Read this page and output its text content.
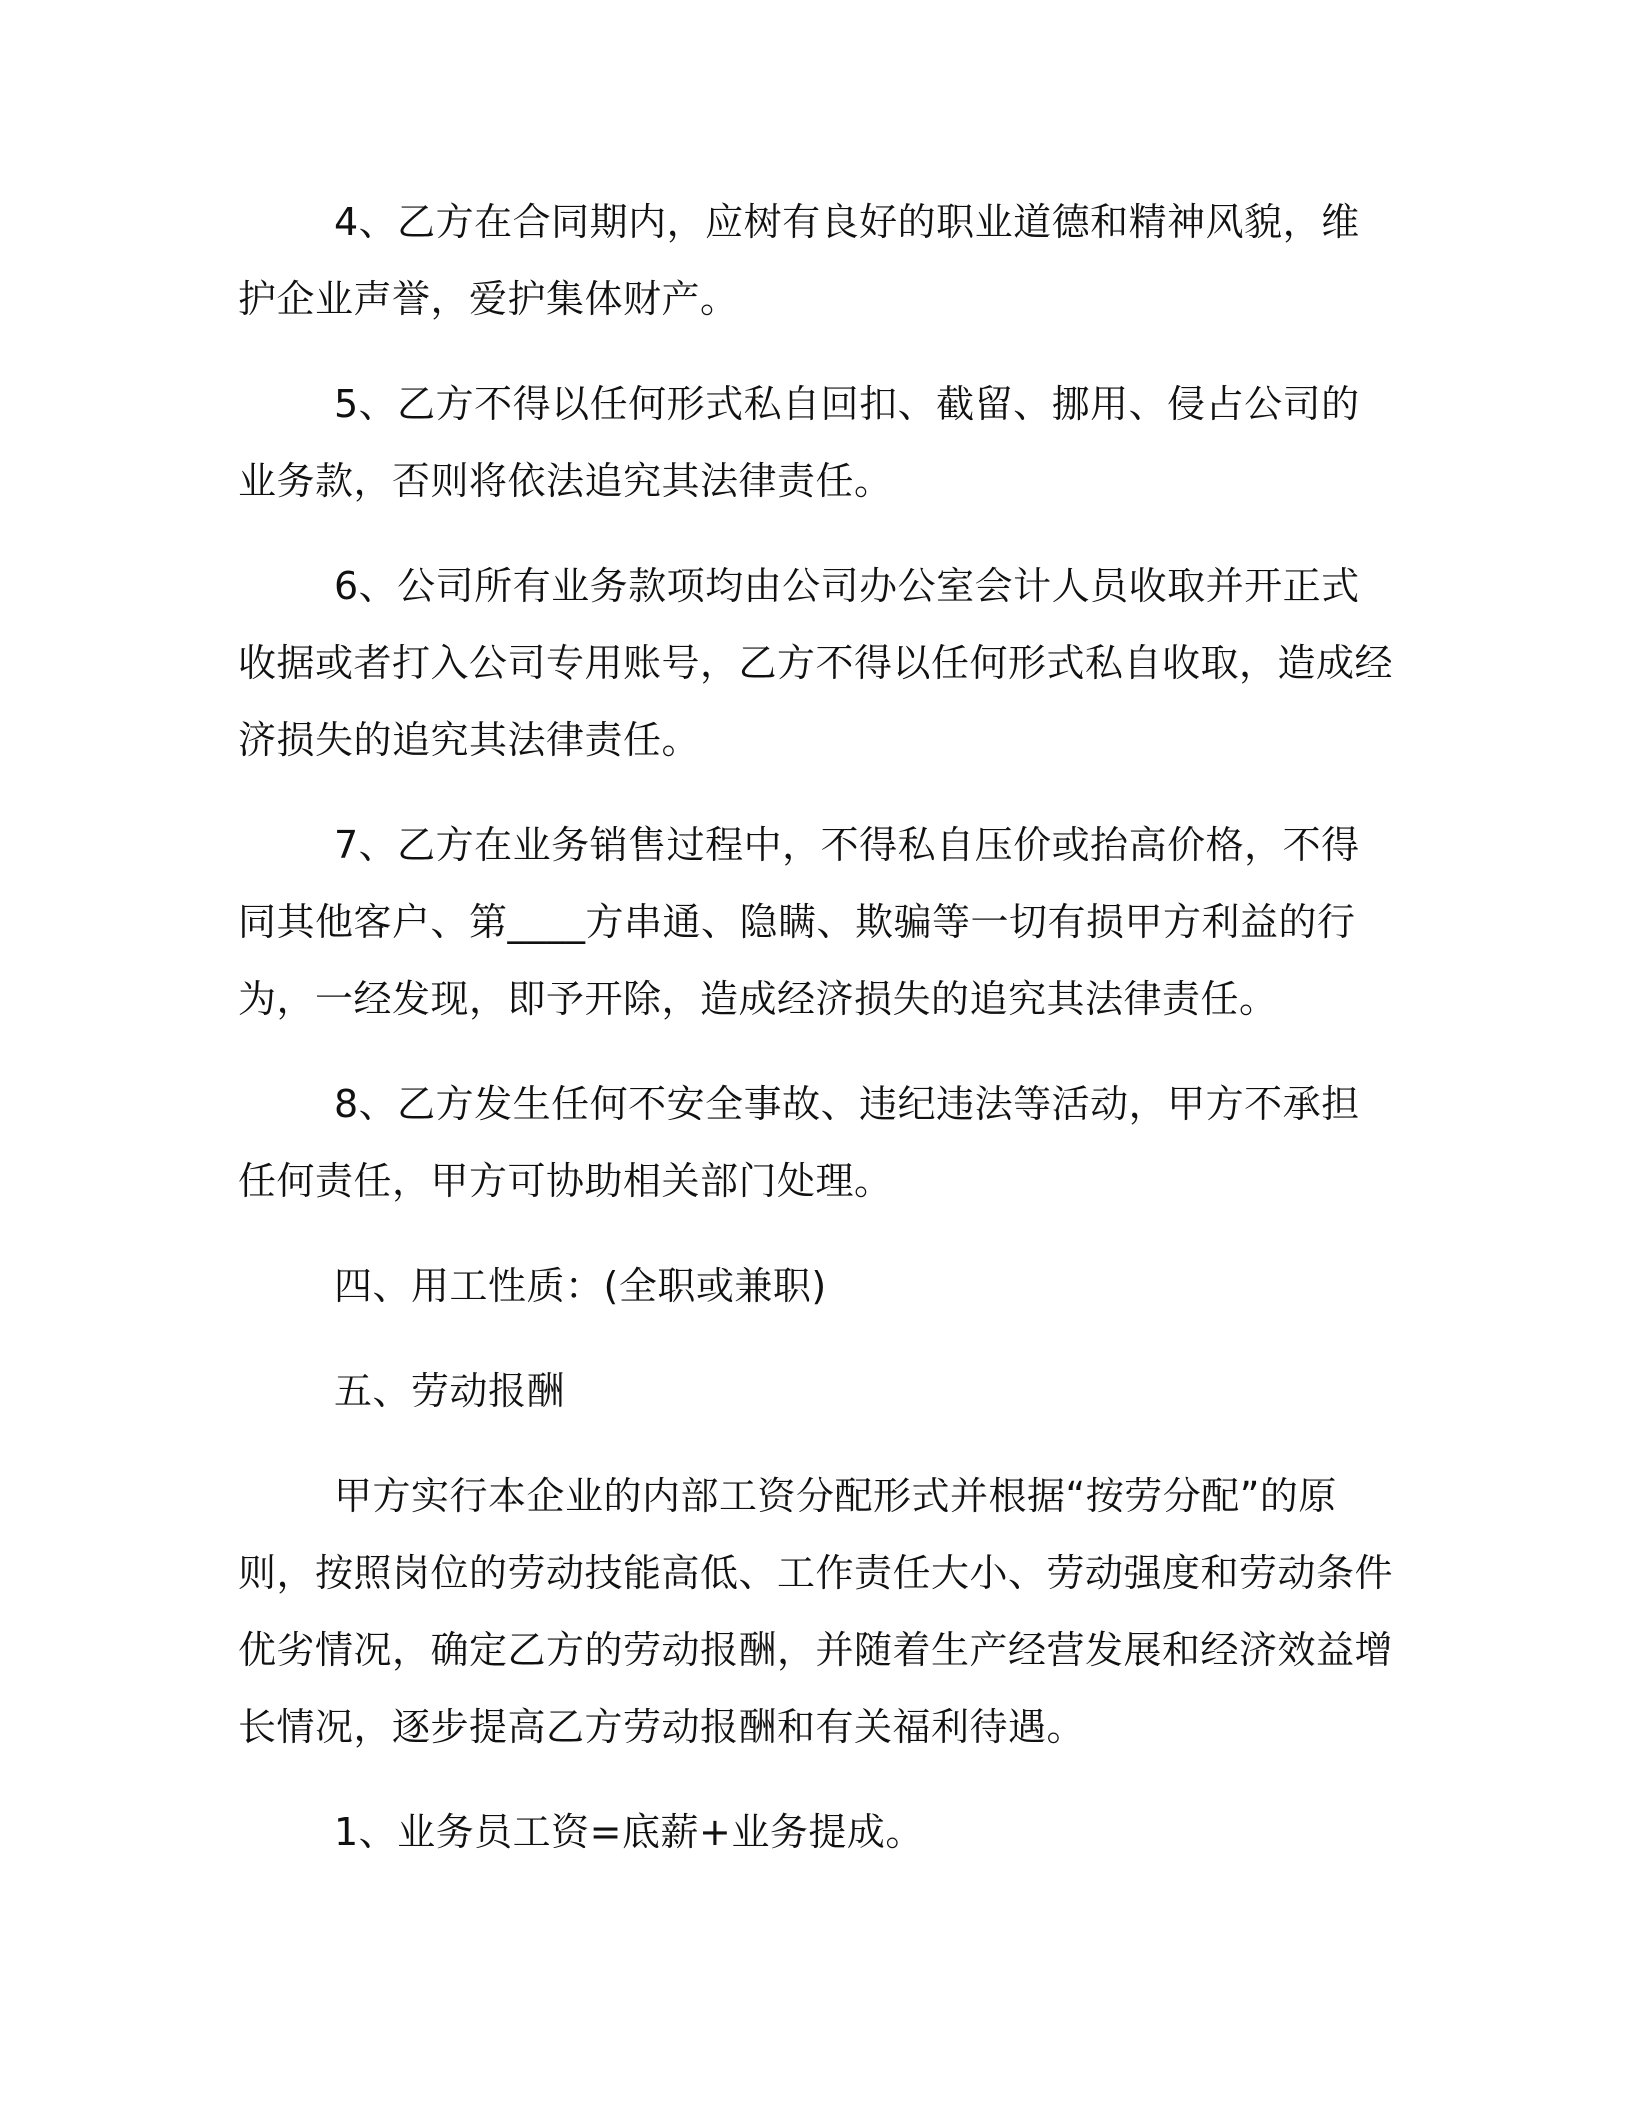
4、乙方在合同期内，应树有良好的职业道德和精神风貌，维护企业声誉，爱护集体财产。

5、乙方不得以任何形式私自回扣、截留、挪用、侵占公司的业务款，否则将依法追究其法律责任。

6、公司所有业务款项均由公司办公室会计人员收取并开正式收据或者打入公司专用账号，乙方不得以任何形式私自收取，造成经济损失的追究其法律责任。

7、乙方在业务销售过程中，不得私自压价或抬高价格，不得同其他客户、第____方串通、隐瞒、欺骗等一切有损甲方利益的行为，一经发现，即予开除，造成经济损失的追究其法律责任。

8、乙方发生任何不安全事故、违纪违法等活动，甲方不承担任何责任，甲方可协助相关部门处理。

四、用工性质：(全职或兼职)

五、劳动报酬

甲方实行本企业的内部工资分配形式并根据“按劳分配”的原则，按照岗位的劳动技能高低、工作责任大小、劳动强度和劳动条件优劣情况，确定乙方的劳动报酬，并随着生产经营发展和经济效益增长情况，逐步提高乙方劳动报酬和有关福利待遇。

1、业务员工资=底薪+业务提成。
